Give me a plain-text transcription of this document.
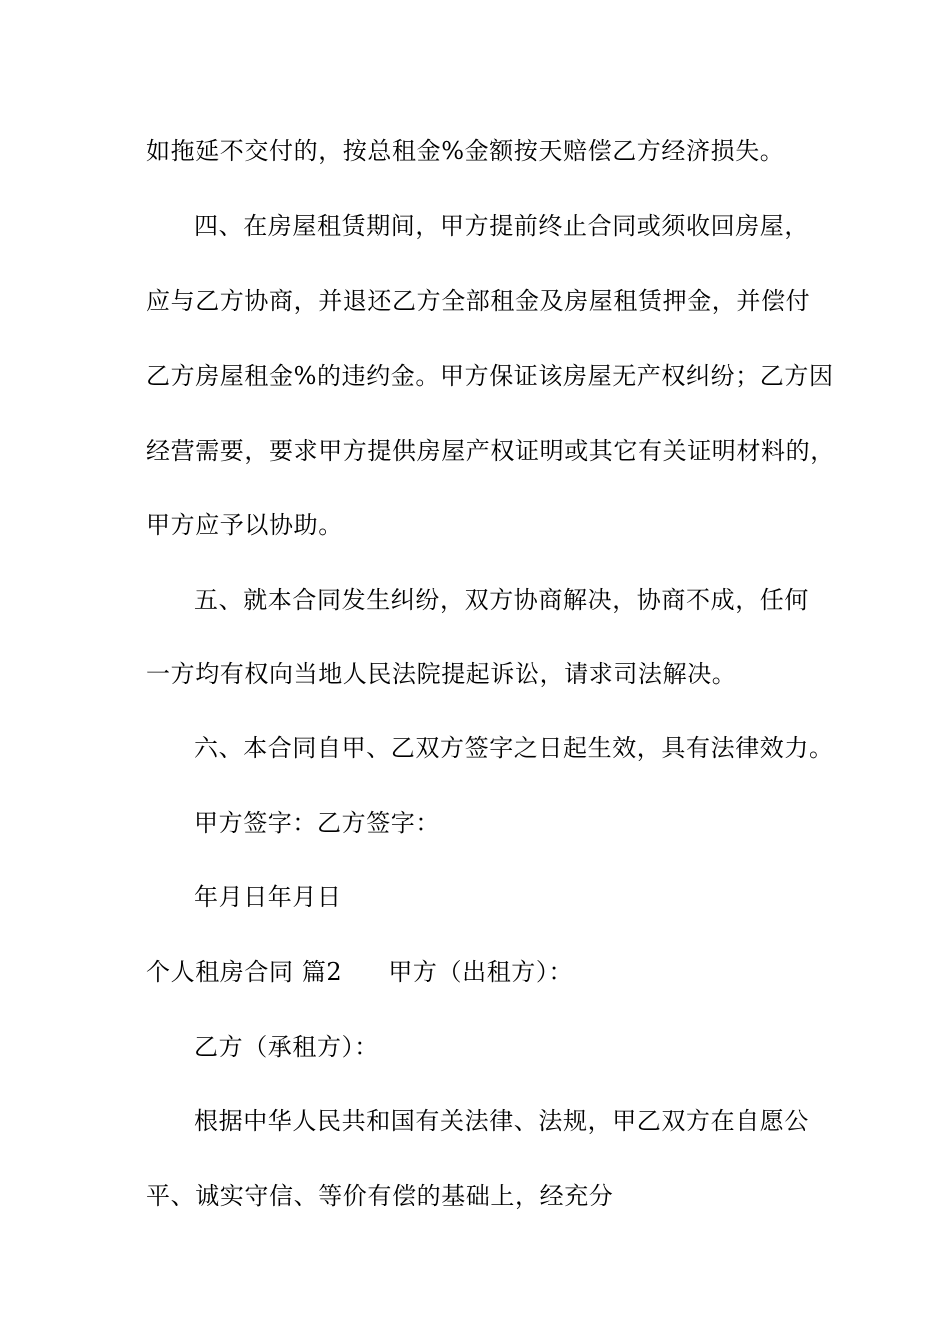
如拖延不交付的，按总租金%金额按天赔偿乙方经济损失。
四、在房屋租赁期间，甲方提前终止合同或须收回房屋，
应与乙方协商，并退还乙方全部租金及房屋租赁押金，并偿付
乙方房屋租金%的违约金。甲方保证该房屋无产权纠纷；乙方因
经营需要，要求甲方提供房屋产权证明或其它有关证明材料的，
甲方应予以协助。
五、就本合同发生纠纷，双方协商解决，协商不成，任何
一方均有权向当地人民法院提起诉讼，请求司法解决。
六、本合同自甲、乙双方签字之日起生效，具有法律效力。
甲方签字：乙方签字：
年月日年月日
个人租房合同 篇2 甲方（出租方）：
乙方（承租方）：
根据中华人民共和国有关法律、法规，甲乙双方在自愿公
平、诚实守信、等价有偿的基础上，经充分
